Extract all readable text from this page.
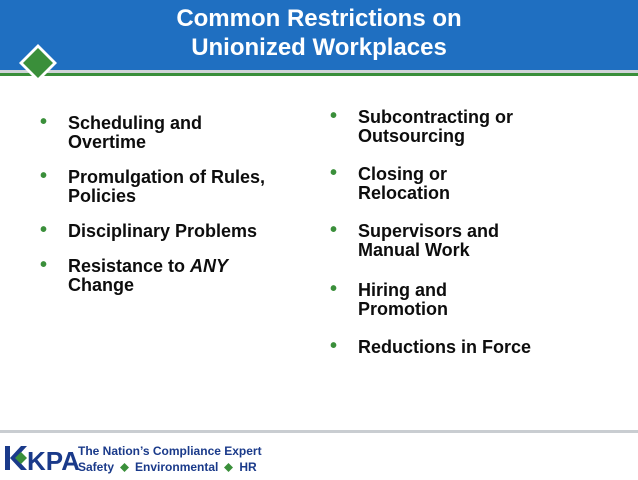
Common Restrictions on
Unionized Workplaces
• Scheduling and
Overtime
• Promulgation of Rules,
Policies
• Disciplinary Problems
• Resistance to ANY
Change
• Subcontracting or
Outsourcing
• Closing or
Relocation
• Supervisors and
Manual Work
• Hiring and
Promotion
• Reductions in Force
KPA
The Nation’s Compliance Expert
Safety Environmental HR
